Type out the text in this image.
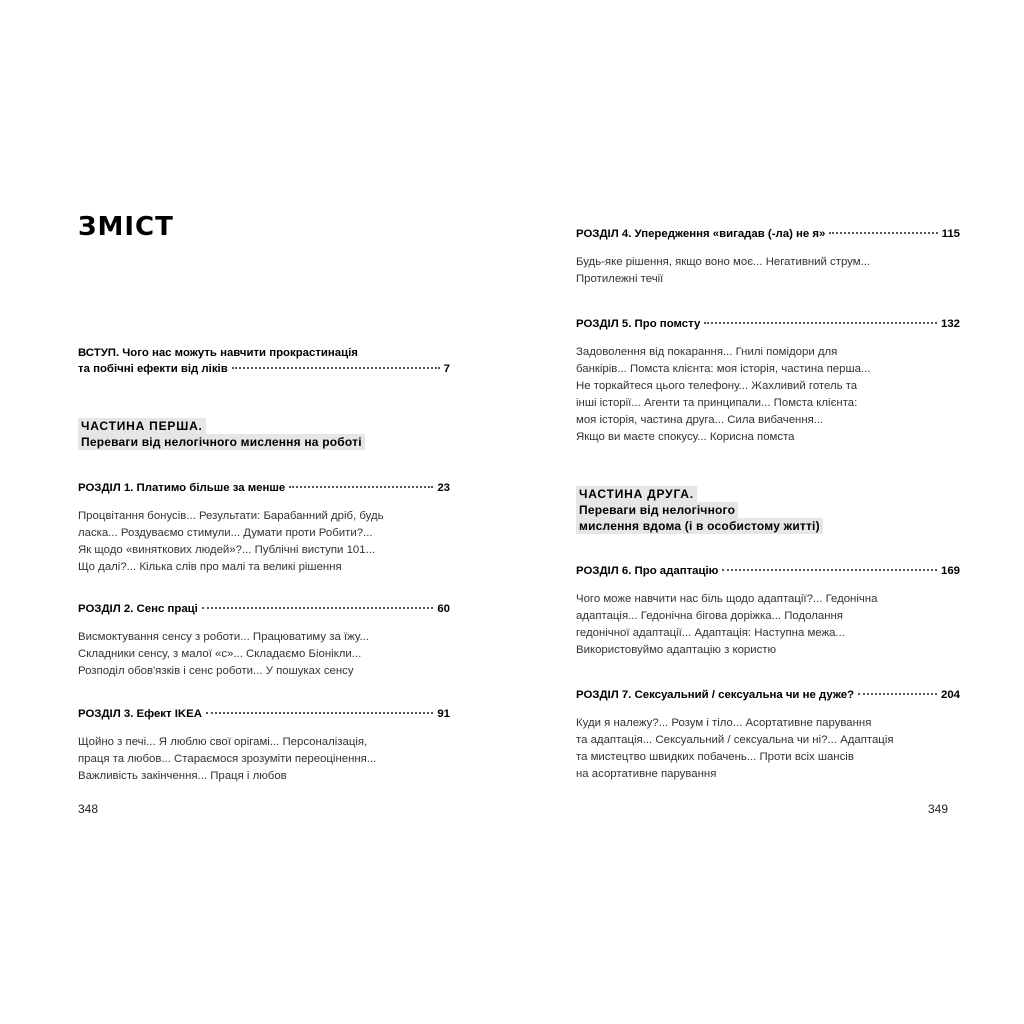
ЗМІСТ
ВСТУП. Чого нас можуть навчити прокрастинація
та побічні ефекти від ліків	7
ЧАСТИНА ПЕРША.
Переваги від нелогічного мислення на роботі
РОЗДІЛ 1. Платимо більше за менше	23
Процвітання бонусів... Результати: Барабанний дріб, будь
ласка... Роздуваємо стимули... Думати проти Робити?...
Як щодо «виняткових людей»?... Публічні виступи 101...
Що далі?... Кілька слів про малі та великі рішення
РОЗДІЛ 2. Сенс праці	60
Висмоктування сенсу з роботи... Працюватиму за їжу...
Складники сенсу, з малої «с»... Складаємо Біонікли...
Розподіл обов'язків і сенс роботи... У пошуках сенсу
РОЗДІЛ 3. Ефект IKEA	91
Щойно з печі... Я люблю свої орігамі... Персоналізація,
праця та любов... Стараємося зрозуміти переоцінення...
Важливість закінчення... Праця і любов
348
РОЗДІЛ 4. Упередження «вигадав (-ла) не я»	115
Будь-яке рішення, якщо воно моє... Негативний струм...
Протилежні течії
РОЗДІЛ 5. Про помсту	132
Задоволення від покарання... Гнилі помідори для
банкірів... Помста клієнта: моя історія, частина перша...
Не торкайтеся цього телефону... Жахливий готель та
інші історії... Агенти та принципали... Помста клієнта:
моя історія, частина друга... Сила вибачення...
Якщо ви маєте спокусу... Корисна помста
ЧАСТИНА ДРУГА.
Переваги від нелогічного
мислення вдома (і в особистому житті)
РОЗДІЛ 6. Про адаптацію	169
Чого може навчити нас біль щодо адаптації?... Гедонічна
адаптація... Гедонічна бігова доріжка... Подолання
гедонічної адаптації... Адаптація: Наступна межа...
Використовуймо адаптацію з користю
РОЗДІЛ 7. Сексуальний / сексуальна чи не дуже?	204
Куди я належу?... Розум і тіло... Асортативне парування
та адаптація... Сексуальний / сексуальна чи ні?... Адаптація
та мистецтво швидких побачень... Проти всіх шансів
на асортативне парування
349
